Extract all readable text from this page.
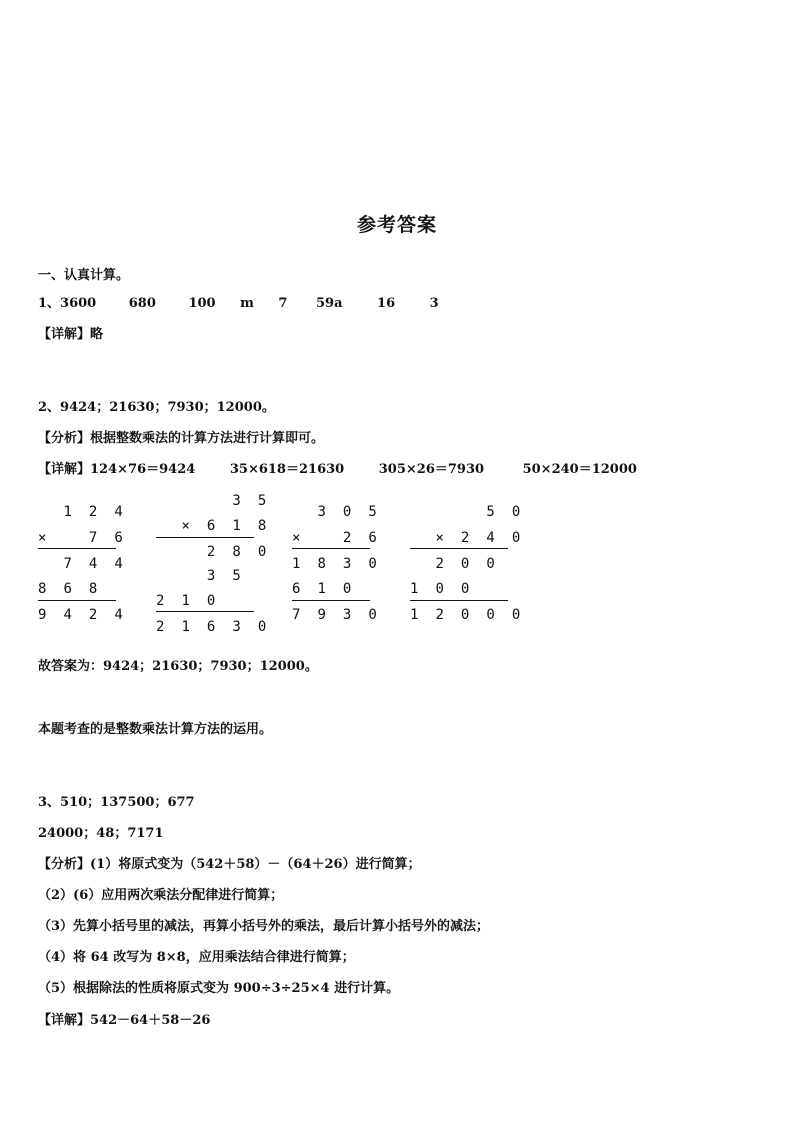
参考答案
一、认真计算。
1、3600	680	100 m 7 59a	16	3
【详解】略
2、9424；21630；7930；12000。
【分析】根据整数乘法的计算方法进行计算即可。
【详解】124×76＝9424	35×618＝21630	305×26＝7930	50×240＝12000
1 2 4
×   7 6
7 4 4
8 6 8
9 4 2 4
3 5
× 6 1 8
2 8 0
3 5
2 1 0
2 1 6 3 0
3 0 5
×   2 6
1 8 3 0
6 1 0
7 9 3 0
5 0
× 2 4 0
2 0 0
1 0 0
1 2 0 0 0
故答案为：9424；21630；7930；12000。
本题考查的是整数乘法计算方法的运用。
3、510；137500；677
24000；48；7171
【分析】(1）将原式变为（542＋58）－（64＋26）进行简算；
（2）(6）应用两次乘法分配律进行简算；
（3）先算小括号里的减法，再算小括号外的乘法，最后计算小括号外的减法；
（4）将 64 改写为 8×8，应用乘法结合律进行简算；
（5）根据除法的性质将原式变为 900÷3÷25×4 进行计算。
【详解】542－64＋58－26
